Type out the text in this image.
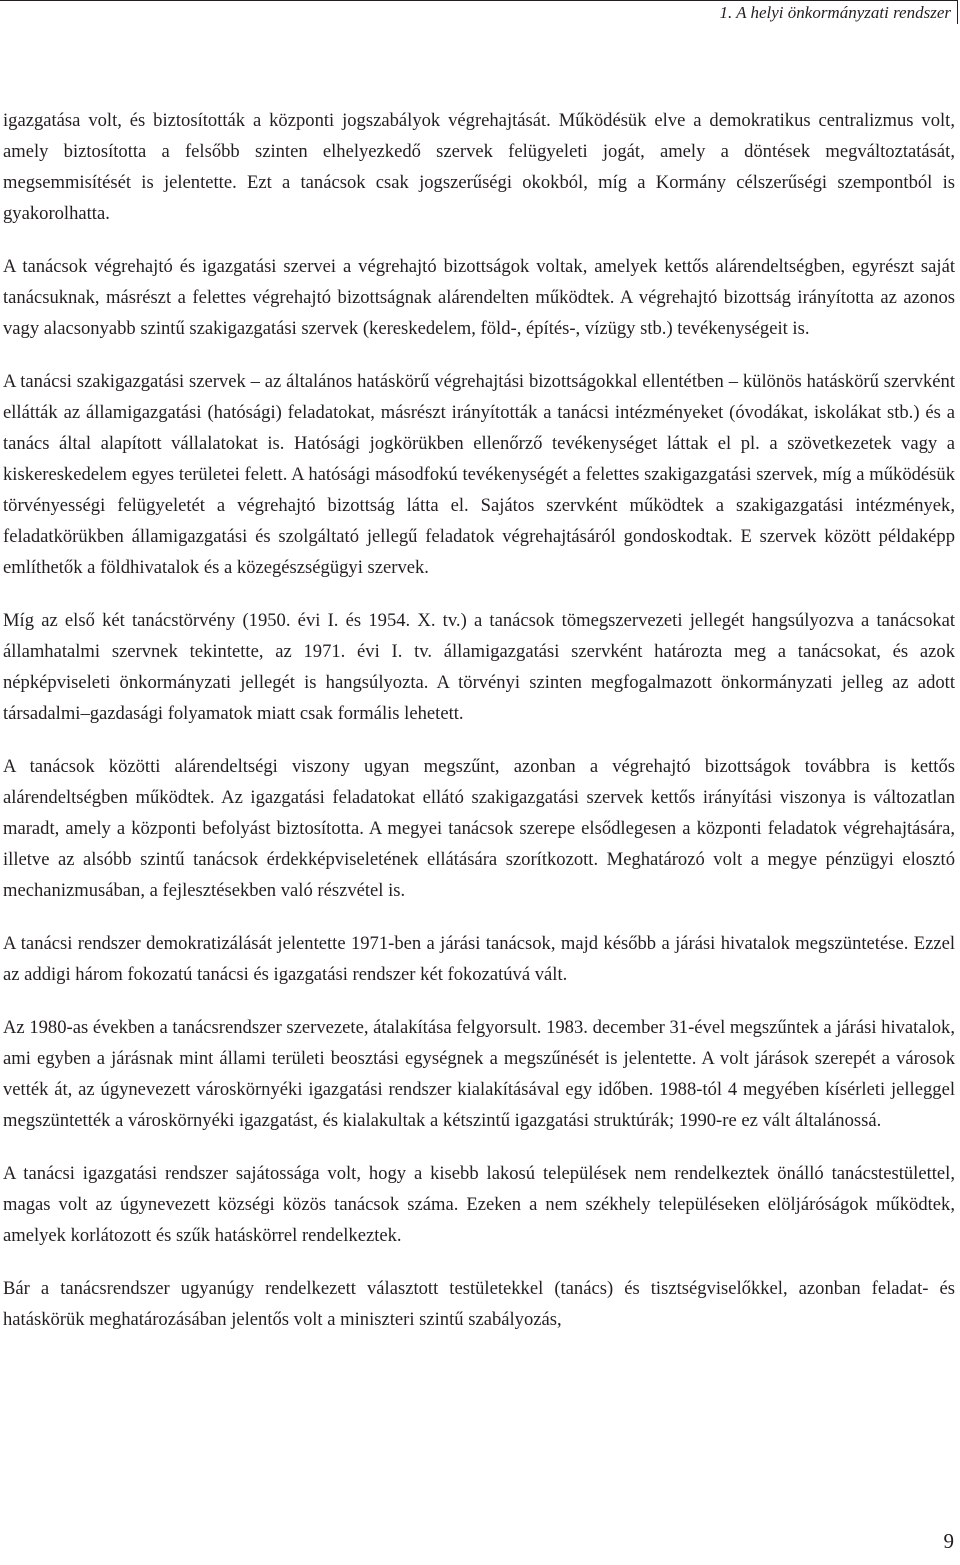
1. A helyi önkormányzati rendszer

igazgatása volt, és biztosították a központi jogszabályok végrehajtását. Működésük elve a demokratikus centralizmus volt, amely biztosította a felsőbb szinten elhelyezkedő szervek felügyeleti jogát, amely a döntések megváltoztatását, megsemmisítését is jelentette. Ezt a tanácsok csak jogszerűségi okokból, míg a Kormány célszerűségi szempontból is gyakorolhatta.

A tanácsok végrehajtó és igazgatási szervei a végrehajtó bizottságok voltak, amelyek kettős alárendeltségben, egyrészt saját tanácsuknak, másrészt a felettes végrehajtó bizottságnak alárendelten működtek. A végrehajtó bizottság irányította az azonos vagy alacsonyabb szintű szakigazgatási szervek (kereskedelem, föld-, építés-, vízügy stb.) tevékenységeit is.

A tanácsi szakigazgatási szervek – az általános hatáskörű végrehajtási bizottságokkal ellentétben – különös hatáskörű szervként ellátták az államigazgatási (hatósági) feladatokat, másrészt irányították a tanácsi intézményeket (óvodákat, iskolákat stb.) és a tanács által alapított vállalatokat is. Hatósági jogkörükben ellenőrző tevékenységet láttak el pl. a szövetkezetek vagy a kiskereskedelem egyes területei felett. A hatósági másodfokú tevékenységét a felettes szakigazgatási szervek, míg a működésük törvényességi felügyeletét a végrehajtó bizottság látta el. Sajátos szervként működtek a szakigazgatási intézmények, feladatkörükben államigazgatási és szolgáltató jellegű feladatok végrehajtásáról gondoskodtak. E szervek között példaképp említhetők a földhivatalok és a közegészségügyi szervek.

Míg az első két tanácstörvény (1950. évi I. és 1954. X. tv.) a tanácsok tömegszervezeti jellegét hangsúlyozva a tanácsokat államhatalmi szervnek tekintette, az 1971. évi I. tv. államigazgatási szervként határozta meg a tanácsokat, és azok népképviseleti önkormányzati jellegét is hangsúlyozta. A törvényi szinten megfogalmazott önkormányzati jelleg az adott társadalmi–gazdasági folyamatok miatt csak formális lehetett.

A tanácsok közötti alárendeltségi viszony ugyan megszűnt, azonban a végrehajtó bizottságok továbbra is kettős alárendeltségben működtek. Az igazgatási feladatokat ellátó szakigazgatási szervek kettős irányítási viszonya is változatlan maradt, amely a központi befolyást biztosította. A megyei tanácsok szerepe elsődlegesen a központi feladatok végrehajtására, illetve az alsóbb szintű tanácsok érdekképviseletének ellátására szorítkozott. Meghatározó volt a megye pénzügyi elosztó mechanizmusában, a fejlesztésekben való részvétel is.

A tanácsi rendszer demokratizálását jelentette 1971-ben a járási tanácsok, majd később a járási hivatalok megszüntetése. Ezzel az addigi három fokozatú tanácsi és igazgatási rendszer két fokozatúvá vált.

Az 1980-as években a tanácsrendszer szervezete, átalakítása felgyorsult. 1983. december 31-ével megszűntek a járási hivatalok, ami egyben a járásnak mint állami területi beosztási egységnek a megszűnését is jelentette. A volt járások szerepét a városok vették át, az úgynevezett városkörnyéki igazgatási rendszer kialakításával egy időben. 1988-tól 4 megyében kísérleti jelleggel megszüntették a városkörnyéki igazgatást, és kialakultak a kétszintű igazgatási struktúrák; 1990-re ez vált általánossá.

A tanácsi igazgatási rendszer sajátossága volt, hogy a kisebb lakosú települések nem rendelkeztek önálló tanácstestülettel, magas volt az úgynevezett községi közös tanácsok száma. Ezeken a nem székhely településeken elöljáróságok működtek, amelyek korlátozott és szűk hatáskörrel rendelkeztek.

Bár a tanácsrendszer ugyanúgy rendelkezett választott testületekkel (tanács) és tisztségviselőkkel, azonban feladat- és hatáskörük meghatározásában jelentős volt a miniszteri szintű szabályozás,

9
